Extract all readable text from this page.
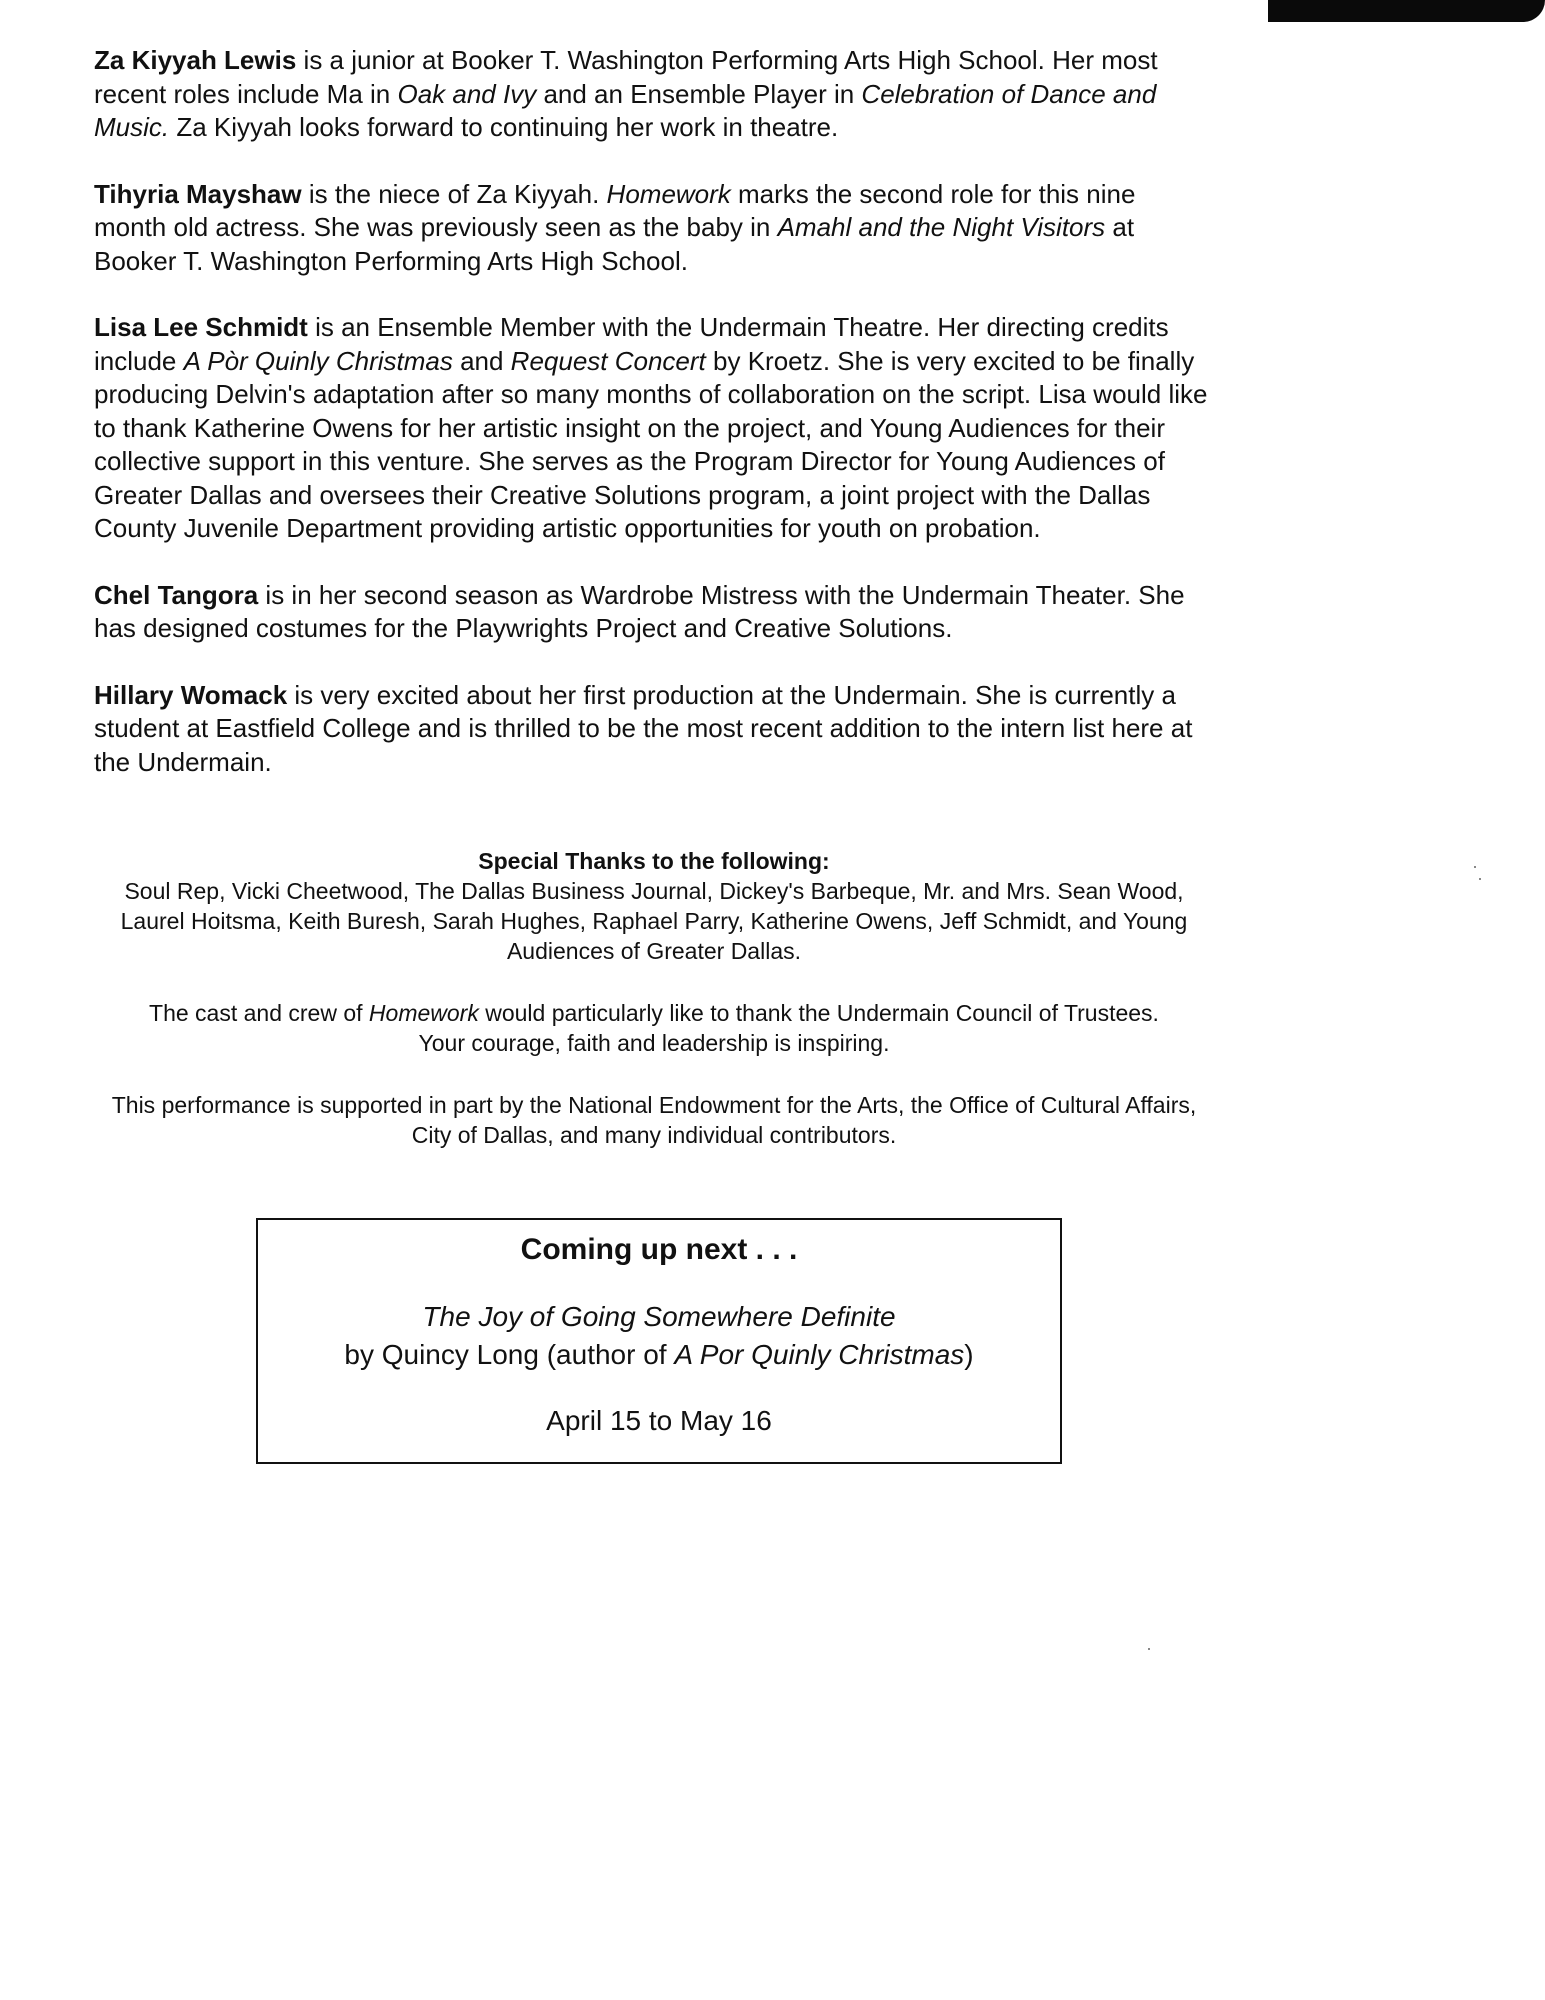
Za Kiyyah Lewis is a junior at Booker T. Washington Performing Arts High School. Her most recent roles include Ma in Oak and Ivy and an Ensemble Player in Celebration of Dance and Music. Za Kiyyah looks forward to continuing her work in theatre.

Tihyria Mayshaw is the niece of Za Kiyyah. Homework marks the second role for this nine month old actress. She was previously seen as the baby in Amahl and the Night Visitors at Booker T. Washington Performing Arts High School.

Lisa Lee Schmidt is an Ensemble Member with the Undermain Theatre. Her directing credits include A Pòr Quinly Christmas and Request Concert by Kroetz. She is very excited to be finally producing Delvin's adaptation after so many months of collaboration on the script. Lisa would like to thank Katherine Owens for her artistic insight on the project, and Young Audiences for their collective support in this venture. She serves as the Program Director for Young Audiences of Greater Dallas and oversees their Creative Solutions program, a joint project with the Dallas County Juvenile Department providing artistic opportunities for youth on probation.

Chel Tangora is in her second season as Wardrobe Mistress with the Undermain Theater. She has designed costumes for the Playwrights Project and Creative Solutions.

Hillary Womack is very excited about her first production at the Undermain. She is currently a student at Eastfield College and is thrilled to be the most recent addition to the intern list here at the Undermain.

Special Thanks to the following:

Soul Rep, Vicki Cheetwood, The Dallas Business Journal, Dickey's Barbeque, Mr. and Mrs. Sean Wood, Laurel Hoitsma, Keith Buresh, Sarah Hughes, Raphael Parry, Katherine Owens, Jeff Schmidt, and Young Audiences of Greater Dallas.

The cast and crew of Homework would particularly like to thank the Undermain Council of Trustees.

Your courage, faith and leadership is inspiring.

This performance is supported in part by the National Endowment for the Arts, the Office of Cultural Affairs, City of Dallas, and many individual contributors.

Coming up next . . .
The Joy of Going Somewhere Definite
by Quincy Long (author of A Por Quinly Christmas)
April 15 to May 16
